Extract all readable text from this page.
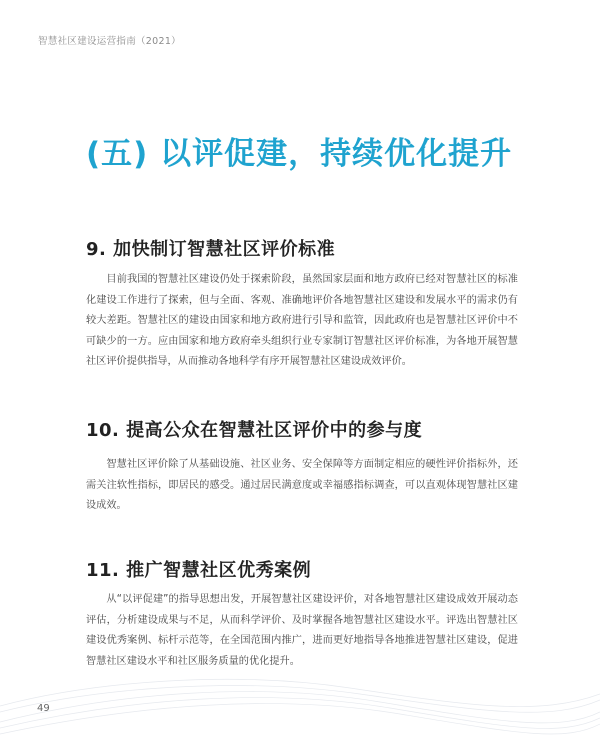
智慧社区建设运营指南（2021）
(五) 以评促建，持续优化提升
9. 加快制订智慧社区评价标准

目前我国的智慧社区建设仍处于探索阶段，虽然国家层面和地方政府已经对智慧社区的标准化建设工作进行了探索，但与全面、客观、准确地评价各地智慧社区建设和发展水平的需求仍有较大差距。智慧社区的建设由国家和地方政府进行引导和监管，因此政府也是智慧社区评价中不可缺少的一方。应由国家和地方政府牵头组织行业专家制订智慧社区评价标准，为各地开展智慧社区评价提供指导，从而推动各地科学有序开展智慧社区建设成效评价。

10. 提高公众在智慧社区评价中的参与度

智慧社区评价除了从基础设施、社区业务、安全保障等方面制定相应的硬性评价指标外，还需关注软性指标，即居民的感受。通过居民满意度或幸福感指标调查，可以直观体现智慧社区建设成效。

11. 推广智慧社区优秀案例

从“以评促建”的指导思想出发，开展智慧社区建设评价，对各地智慧社区建设成效开展动态评估，分析建设成果与不足，从而科学评价、及时掌握各地智慧社区建设水平。评选出智慧社区建设优秀案例、标杆示范等，在全国范围内推广，进而更好地指导各地推进智慧社区建设，促进智慧社区建设水平和社区服务质量的优化提升。

49
